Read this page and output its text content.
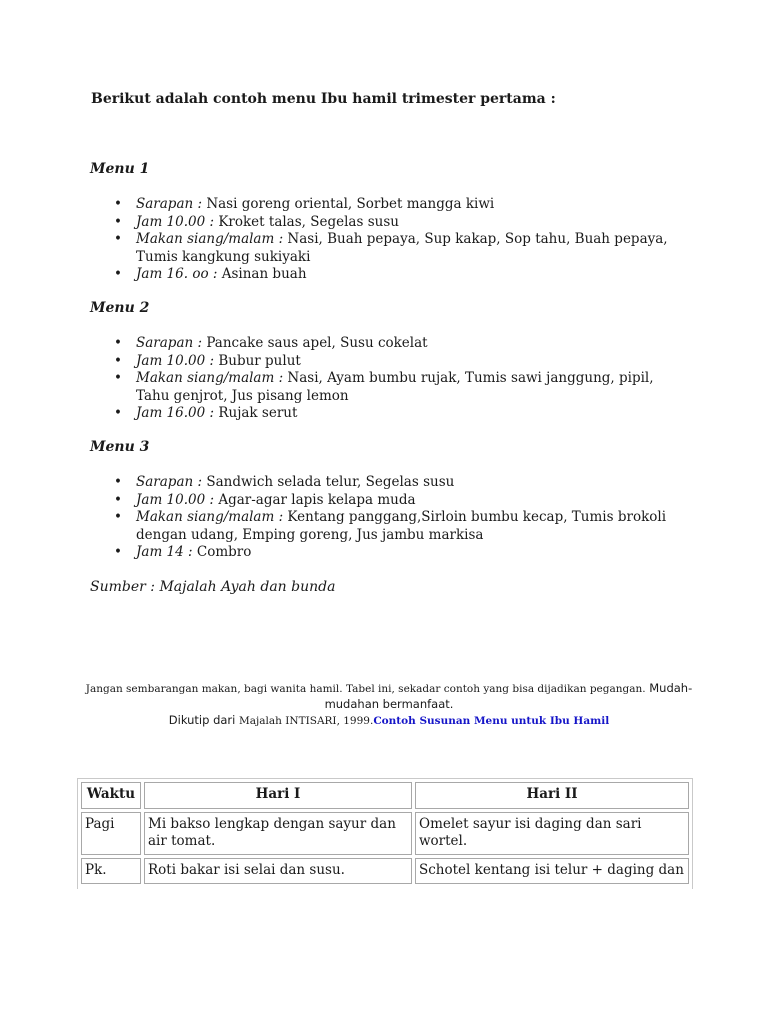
Berikut adalah contoh menu Ibu hamil trimester pertama :
Menu 1
• Sarapan : Nasi goreng oriental, Sorbet mangga kiwi
• Jam 10.00 : Kroket talas, Segelas susu
• Makan siang/malam : Nasi, Buah pepaya, Sup kakap, Sop tahu, Buah pepaya, Tumis kangkung sukiyaki
• Jam 16. oo : Asinan buah
Menu 2
• Sarapan : Pancake saus apel, Susu cokelat
• Jam 10.00 : Bubur pulut
• Makan siang/malam : Nasi, Ayam bumbu rujak, Tumis sawi janggung, pipil, Tahu genjrot, Jus pisang lemon
• Jam 16.00 : Rujak serut
Menu 3
• Sarapan : Sandwich selada telur, Segelas susu
• Jam 10.00 : Agar-agar lapis kelapa muda
• Makan siang/malam : Kentang panggang,Sirloin bumbu kecap, Tumis brokoli dengan udang, Emping goreng, Jus jambu markisa
• Jam 14 : Combro
Sumber : Majalah Ayah dan bunda
Jangan sembarangan makan, bagi wanita hamil. Tabel ini, sekadar contoh yang bisa dijadikan pegangan. Mudah-mudahan bermanfaat.
Dikutip dari Majalah INTISARI, 1999.Contoh Susunan Menu untuk Ibu Hamil
Waktu	Hari I	Hari II
Pagi	Mi bakso lengkap dengan sayur dan air tomat.	Omelet sayur isi daging dan sari wortel.
Pk.	Roti bakar isi selai dan susu.	Schotel kentang isi telur + daging dan
